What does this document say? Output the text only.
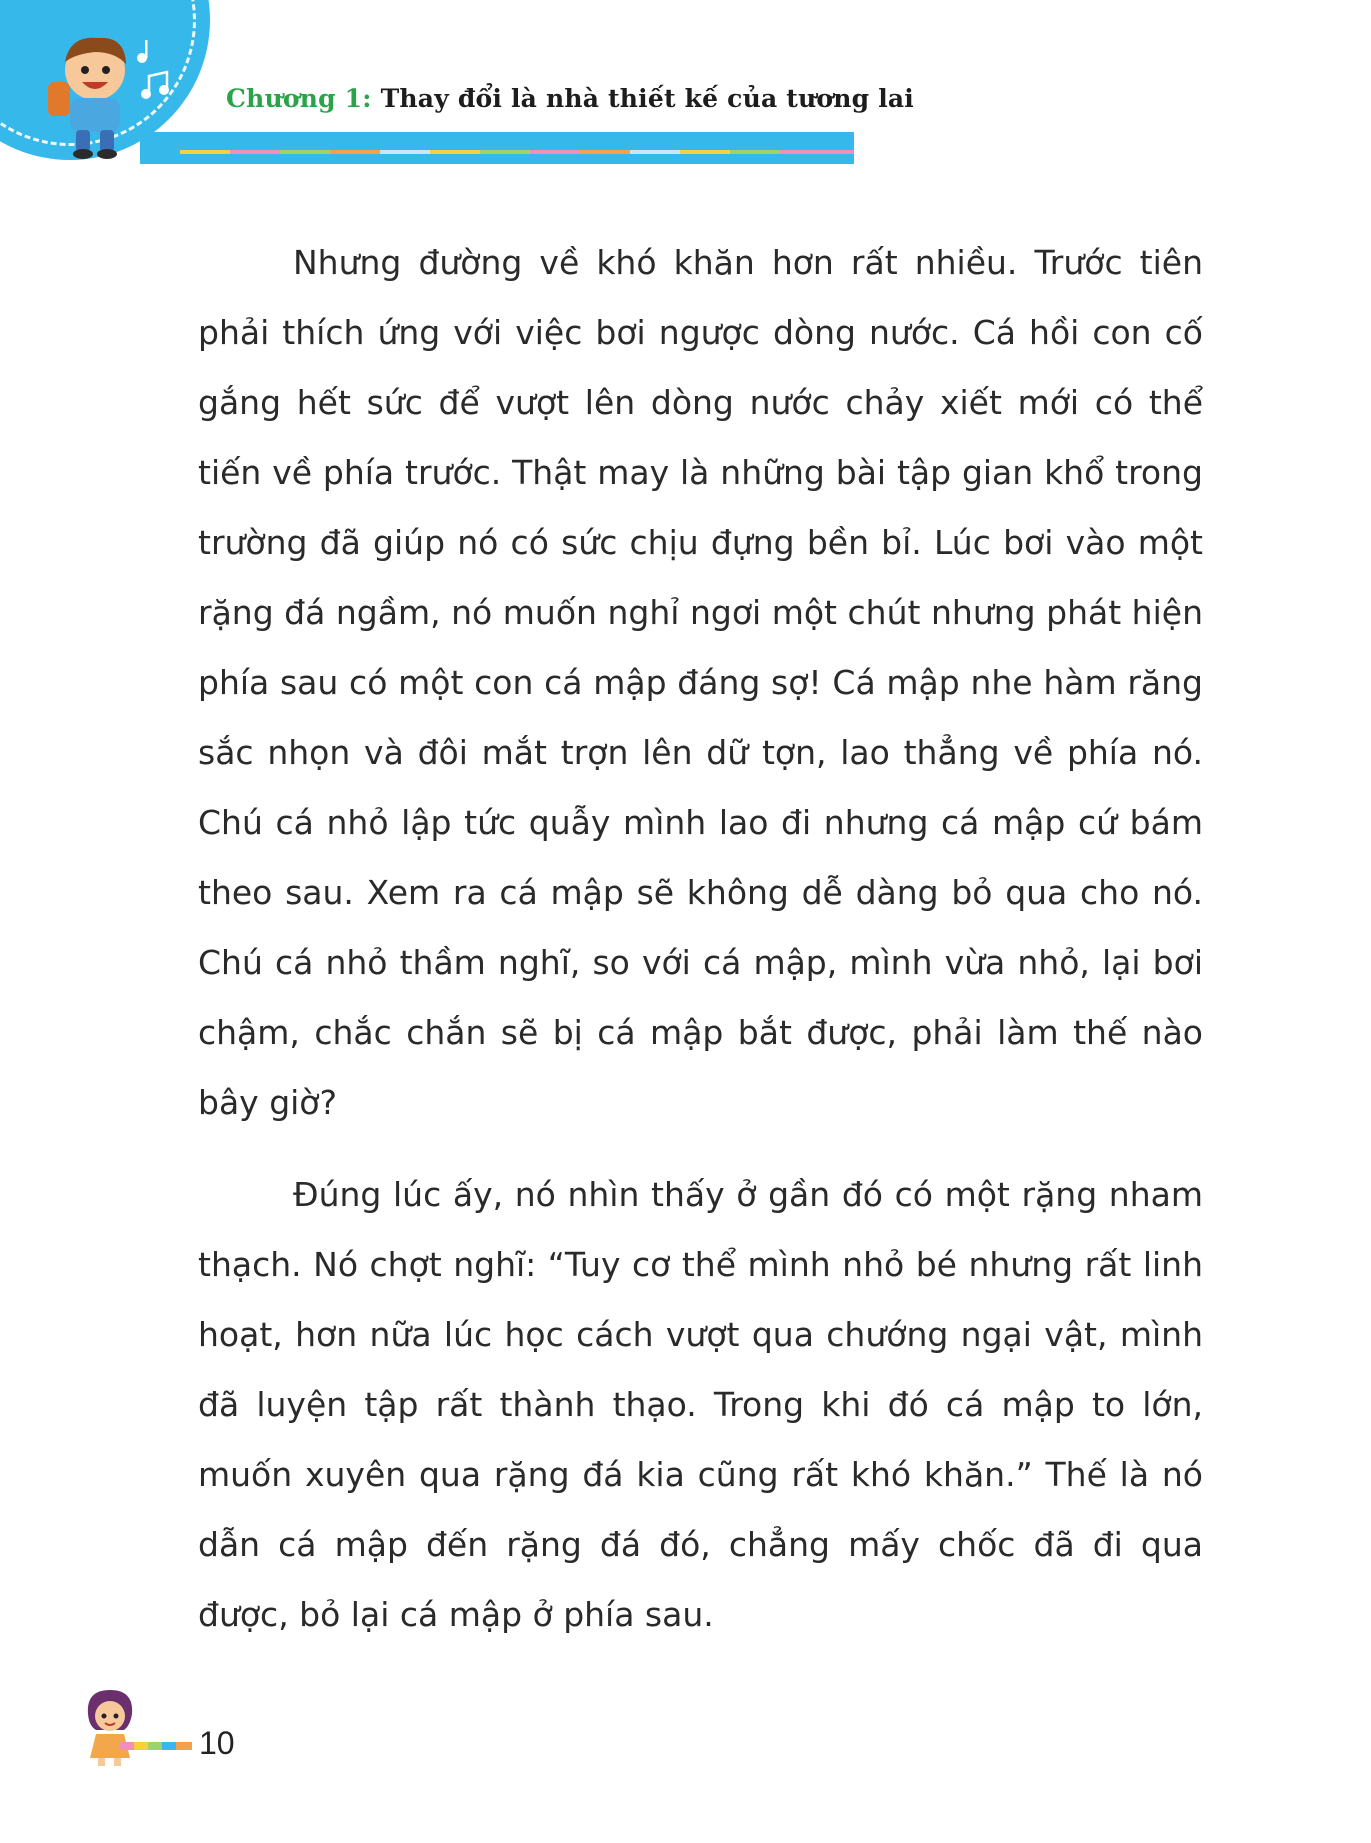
Chương 1: Thay đổi là nhà thiết kế của tương lai

Nhưng đường về khó khăn hơn rất nhiều. Trước tiên phải thích ứng với việc bơi ngược dòng nước. Cá hồi con cố gắng hết sức để vượt lên dòng nước chảy xiết mới có thể tiến về phía trước. Thật may là những bài tập gian khổ trong trường đã giúp nó có sức chịu đựng bền bỉ. Lúc bơi vào một rặng đá ngầm, nó muốn nghỉ ngơi một chút nhưng phát hiện phía sau có một con cá mập đáng sợ! Cá mập nhe hàm răng sắc nhọn và đôi mắt trợn lên dữ tợn, lao thẳng về phía nó. Chú cá nhỏ lập tức quẫy mình lao đi nhưng cá mập cứ bám theo sau. Xem ra cá mập sẽ không dễ dàng bỏ qua cho nó. Chú cá nhỏ thầm nghĩ, so với cá mập, mình vừa nhỏ, lại bơi chậm, chắc chắn sẽ bị cá mập bắt được, phải làm thế nào bây giờ?

Đúng lúc ấy, nó nhìn thấy ở gần đó có một rặng nham thạch. Nó chợt nghĩ: “Tuy cơ thể mình nhỏ bé nhưng rất linh hoạt, hơn nữa lúc học cách vượt qua chướng ngại vật, mình đã luyện tập rất thành thạo. Trong khi đó cá mập to lớn, muốn xuyên qua rặng đá kia cũng rất khó khăn.” Thế là nó dẫn cá mập đến rặng đá đó, chẳng mấy chốc đã đi qua được, bỏ lại cá mập ở phía sau.

10
